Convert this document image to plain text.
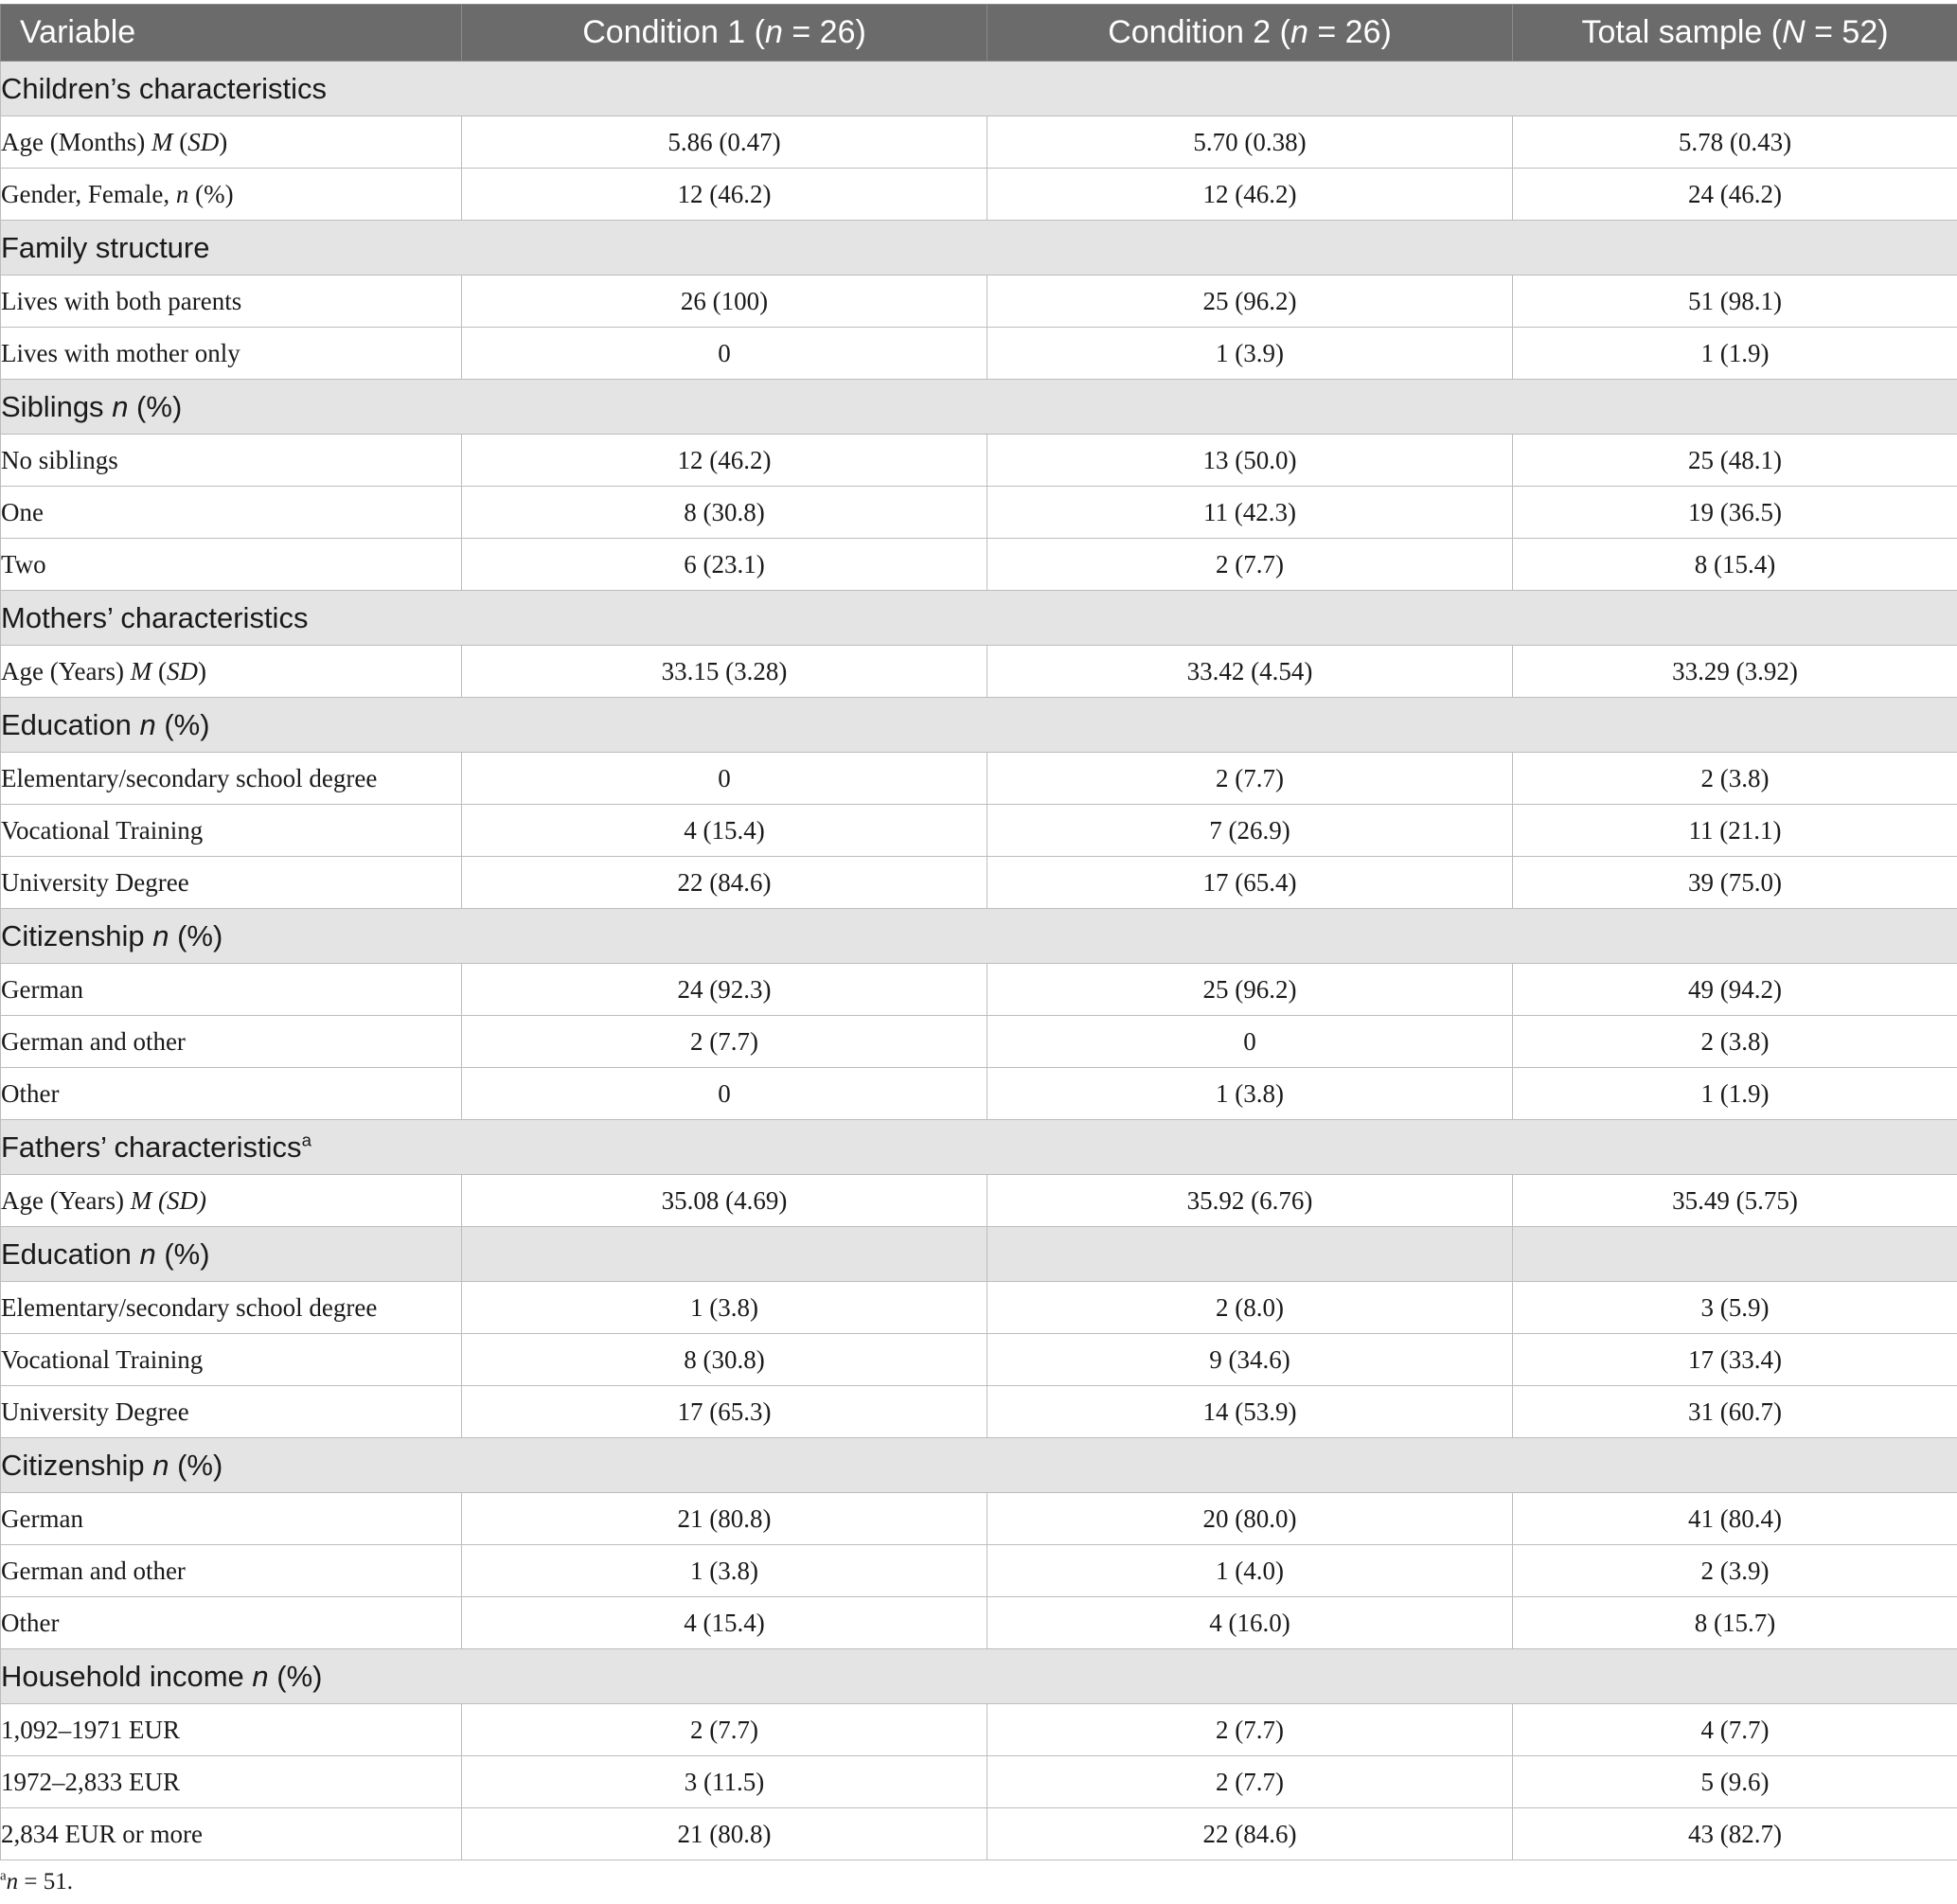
Variable	Condition 1 (n = 26)	Condition 2 (n = 26)	Total sample (N = 52)
Children’s characteristics			
Age (Months) M (SD)	5.86 (0.47)	5.70 (0.38)	5.78 (0.43)
Gender, Female, n (%)	12 (46.2)	12 (46.2)	24 (46.2)
Family structure			
Lives with both parents	26 (100)	25 (96.2)	51 (98.1)
Lives with mother only	0	1 (3.9)	1 (1.9)
Siblings n (%)			
No siblings	12 (46.2)	13 (50.0)	25 (48.1)
One	8 (30.8)	11 (42.3)	19 (36.5)
Two	6 (23.1)	2 (7.7)	8 (15.4)
Mothers’ characteristics			
Age (Years) M (SD)	33.15 (3.28)	33.42 (4.54)	33.29 (3.92)
Education n (%)			
Elementary/secondary school degree	0	2 (7.7)	2 (3.8)
Vocational Training	4 (15.4)	7 (26.9)	11 (21.1)
University Degree	22 (84.6)	17 (65.4)	39 (75.0)
Citizenship n (%)			
German	24 (92.3)	25 (96.2)	49 (94.2)
German and other	2 (7.7)	0	2 (3.8)
Other	0	1 (3.8)	1 (1.9)
Fathers’ characteristics$^a$
Age (Years) M (SD)	35.08 (4.69)	35.92 (6.76)	35.49 (5.75)
Education n (%)			
Elementary/secondary school degree	1 (3.8)	2 (8.0)	3 (5.9)
Vocational Training	8 (30.8)	9 (34.6)	17 (33.4)
University Degree	17 (65.3)	14 (53.9)	31 (60.7)
Citizenship n (%)			
German	21 (80.8)	20 (80.0)	41 (80.4)
German and other	1 (3.8)	1 (4.0)	2 (3.9)
Other	4 (15.4)	4 (16.0)	8 (15.7)
Household income n (%)			
1,092–1971 EUR	2 (7.7)	2 (7.7)	4 (7.7)
1972–2,833 EUR	3 (11.5)	2 (7.7)	5 (9.6)
2,834 EUR or more	21 (80.8)	22 (84.6)	43 (82.7)
$^a$n = 51.
